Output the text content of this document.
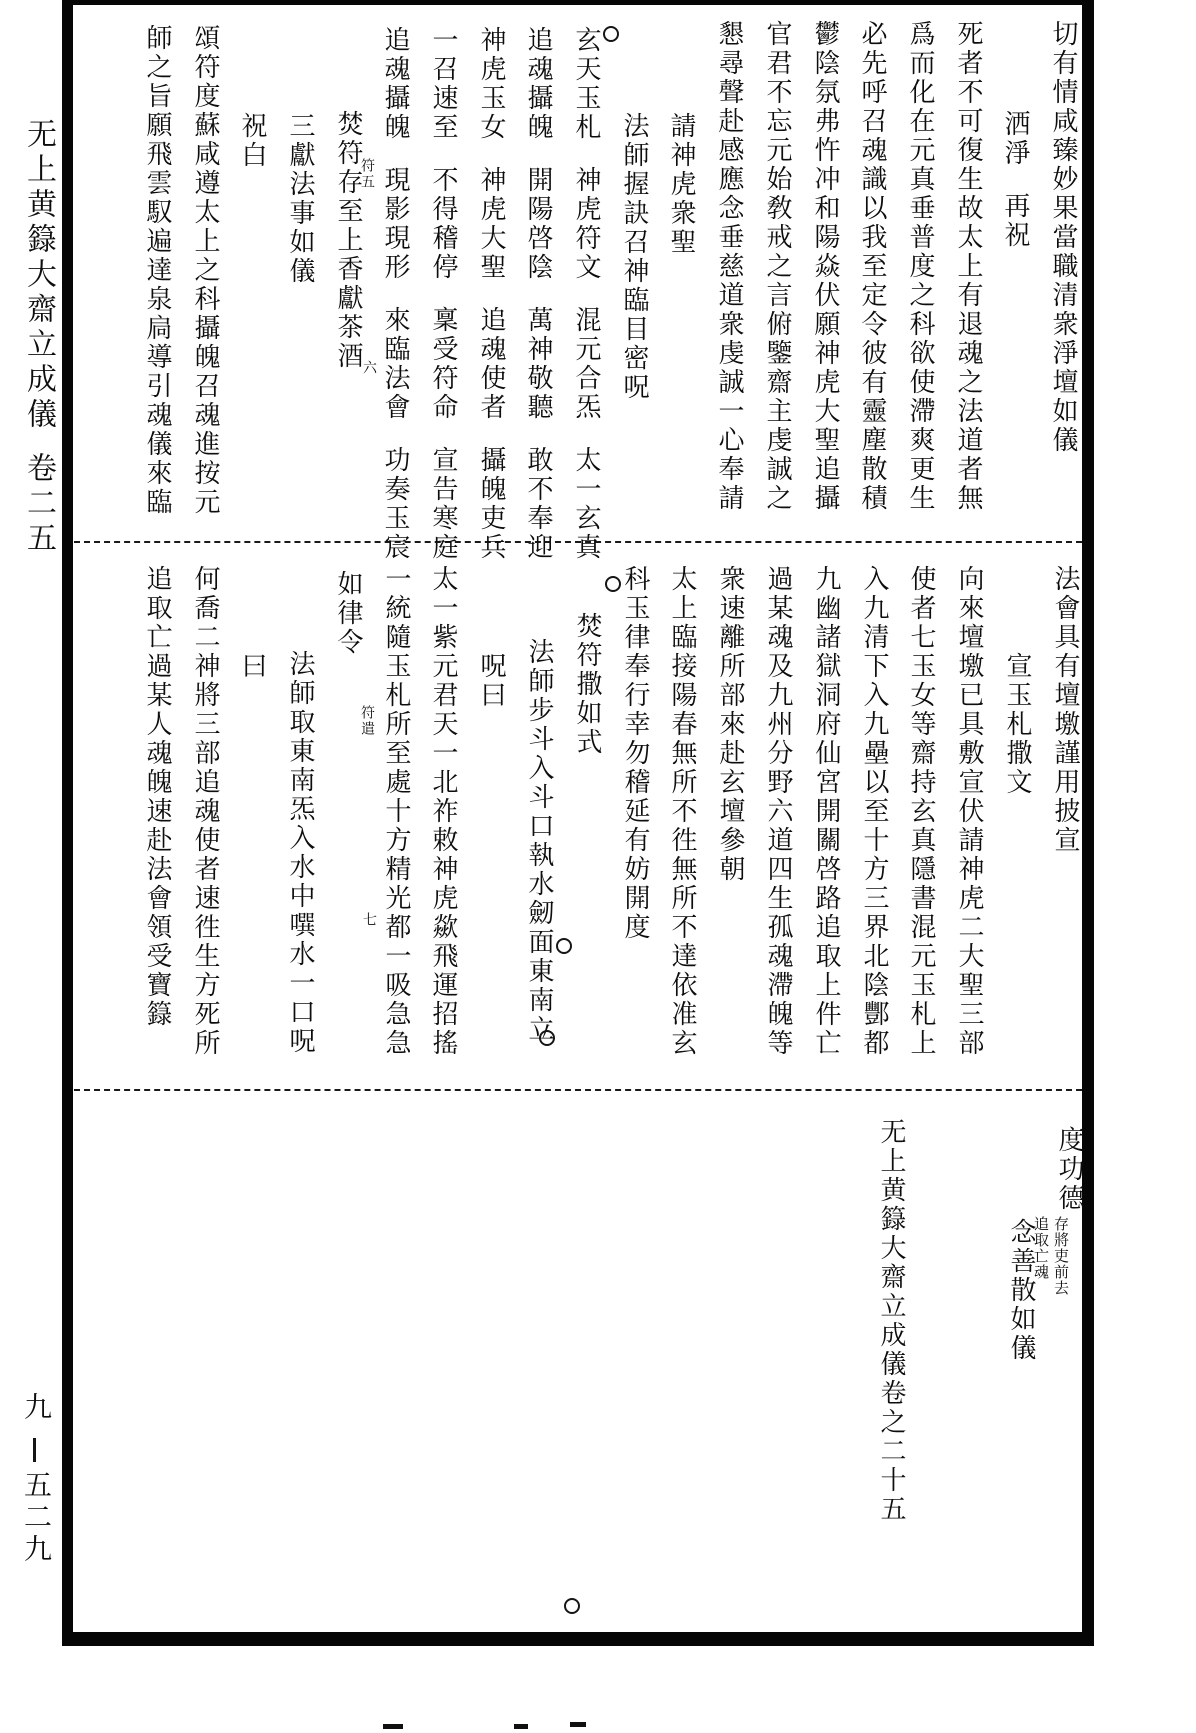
切有情咸臻妙果當職清衆淨壇如儀
洒淨再祝
死者不可復生故太上有退魂之法道者無
爲而化在元真垂普度之科欲使滯爽更生
必先呼召魂識以我至定令彼有靈塵散積
鬱陰氛弗忤冲和陽焱伏願神虎大聖追攝
官君不忘元始敎戒之言俯鑒齋主虔誠之
懇尋聲赴感應念垂慈道衆虔誠一心奉請
請神虎衆聖
法師握訣召神臨目密呪
玄天玉札神虎符文混元合炁太一玄真
追魂攝魄開陽啓陰萬神敬聽敢不奉迎
神虎玉女神虎大聖追魂使者攝魄吏兵
一召速至不得稽停稟受符命宣告寒庭
追魂攝魄現影現形來臨法會功奏玉宸
符五
六
焚符存至上香獻茶酒
三獻法事如儀
祝白
頌符度蘇咸遵太上之科攝魄召魂進按元
師之旨願飛雲馭遍達泉扃導引魂儀來臨
法會具有壇墽謹用披宣
宣玉札撒文
向來壇墽已具敷宣伏請神虎二大聖三部
使者七玉女等齋持玄真隱書混元玉札上
入九清下入九壘以至十方三界北陰酆都
九幽諸獄洞府仙宮開關啓路追取上件亡
過某魂及九州分野六道四生孤魂滯魄等
衆速離所部來赴玄壇參朝
太上臨接陽春無所不徃無所不達依准玄
科玉律奉行幸勿稽延有妨開度
焚符撒如式
法師步斗入斗口執水劒面東南立
呪曰
太一紫元君天一北祚敕神虎歘飛運招搖
一統隨玉札所至處十方精光都一吸急急
符遣
七
如律令
法師取東南炁入水中噀水一口呪
曰
何喬二神將三部追魂使者速徃生方死所
追取亡過某人魂魄速赴法會領受寶籙
度功德
存將吏前去
追取亡魂
念善散如儀
无上黄籙大齋立成儀卷之二十五
无上黄籙大齋立成儀
卷二五
九
五二九
